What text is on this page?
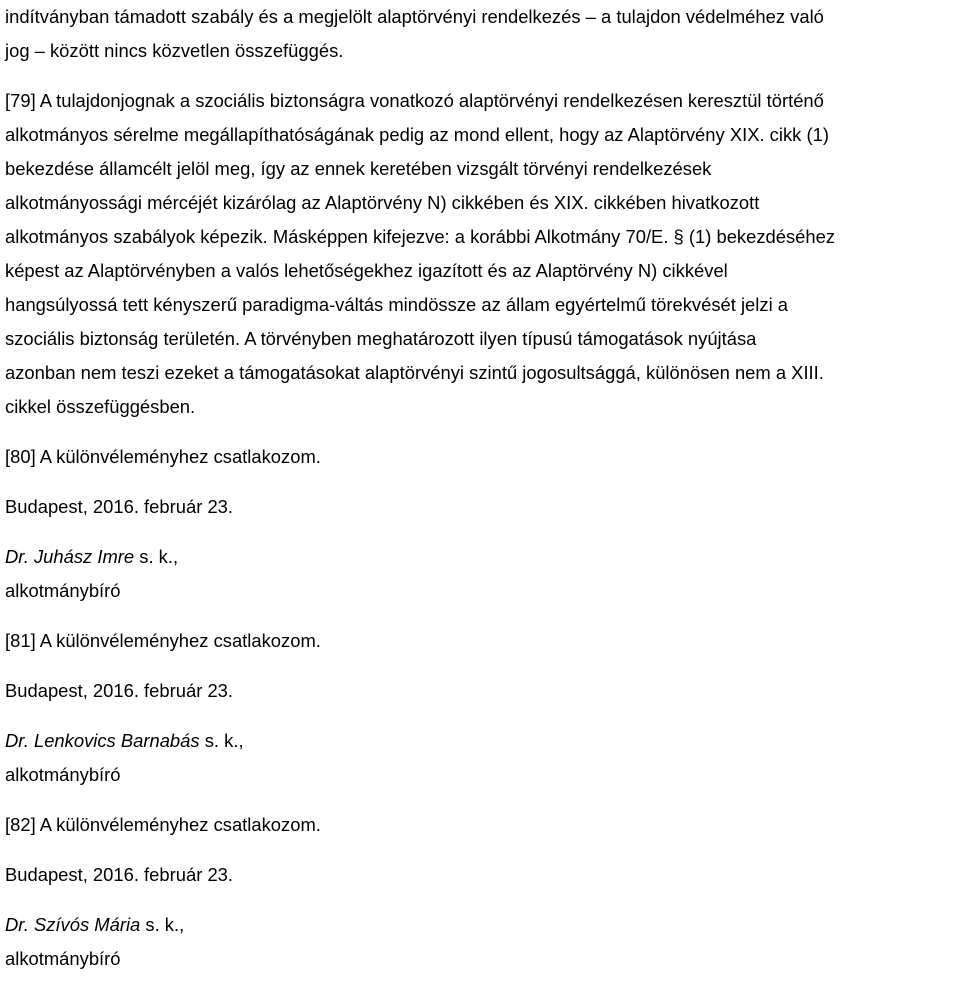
indítványban támadott szabály és a megjelölt alaptörvényi rendelkezés – a tulajdon védelméhez való
jog – között nincs közvetlen összefüggés.
[79] A tulajdonjognak a szociális biztonságra vonatkozó alaptörvényi rendelkezésen keresztül történő
alkotmányos sérelme megállapíthatóságának pedig az mond ellent, hogy az Alaptörvény XIX. cikk (1)
bekezdése államcélt jelöl meg, így az ennek keretében vizsgált törvényi rendelkezések
alkotmányossági mércéjét kizárólag az Alaptörvény N) cikkében és XIX. cikkében hivatkozott
alkotmányos szabályok képezik. Másképpen kifejezve: a korábbi Alkotmány 70/E. § (1) bekezdéséhez
képest az Alaptörvényben a valós lehetőségekhez igazított és az Alaptörvény N) cikkével
hangsúlyossá tett kényszerű paradigma-váltás mindössze az állam egyértelmű törekvését jelzi a
szociális biztonság területén. A törvényben meghatározott ilyen típusú támogatások nyújtása
azonban nem teszi ezeket a támogatásokat alaptörvényi szintű jogosultsággá, különösen nem a XIII.
cikkel összefüggésben.
[80] A különvéleményhez csatlakozom.
Budapest, 2016. február 23.
Dr. Juhász Imre s. k.,
alkotmánybíró
[81] A különvéleményhez csatlakozom.
Budapest, 2016. február 23.
Dr. Lenkovics Barnabás s. k.,
alkotmánybíró
[82] A különvéleményhez csatlakozom.
Budapest, 2016. február 23.
Dr. Szívós Mária s. k.,
alkotmánybíró
